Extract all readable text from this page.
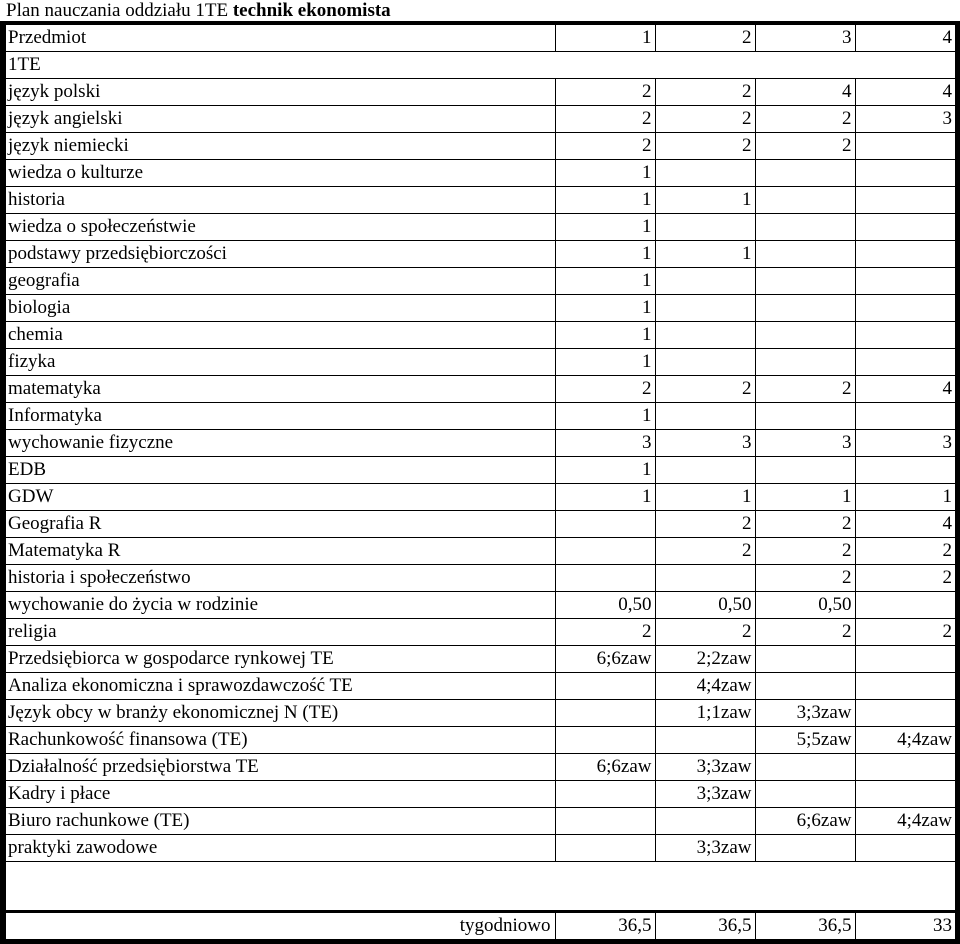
Plan nauczania oddziału 1TE technik ekonomista
Przedmiot	1	2	3	4
1TE				
język polski	2	2	4	4
język angielski	2	2	2	3
język niemiecki	2	2	2	
wiedza o kulturze	1			
historia	1	1		
wiedza o społeczeństwie	1			
podstawy przedsiębiorczości	1	1		
geografia	1			
biologia	1			
chemia	1			
fizyka	1			
matematyka	2	2	2	4
Informatyka	1			
wychowanie fizyczne	3	3	3	3
EDB	1			
GDW	1	1	1	1
Geografia R		2	2	4
Matematyka R		2	2	2
historia i społeczeństwo			2	2
wychowanie do życia w rodzinie	0,50	0,50	0,50	
religia	2	2	2	2
Przedsiębiorca w gospodarce rynkowej TE	6;6zaw	2;2zaw		
Analiza ekonomiczna i sprawozdawczość TE		4;4zaw		
Język obcy w branży ekonomicznej N (TE)		1;1zaw	3;3zaw	
Rachunkowość finansowa (TE)			5;5zaw	4;4zaw
Działalność przedsiębiorstwa TE	6;6zaw	3;3zaw		
Kadry i płace		3;3zaw		
Biuro rachunkowe (TE)			6;6zaw	4;4zaw
praktyki zawodowe		3;3zaw		
tygodniowo	36,5	36,5	36,5	33
